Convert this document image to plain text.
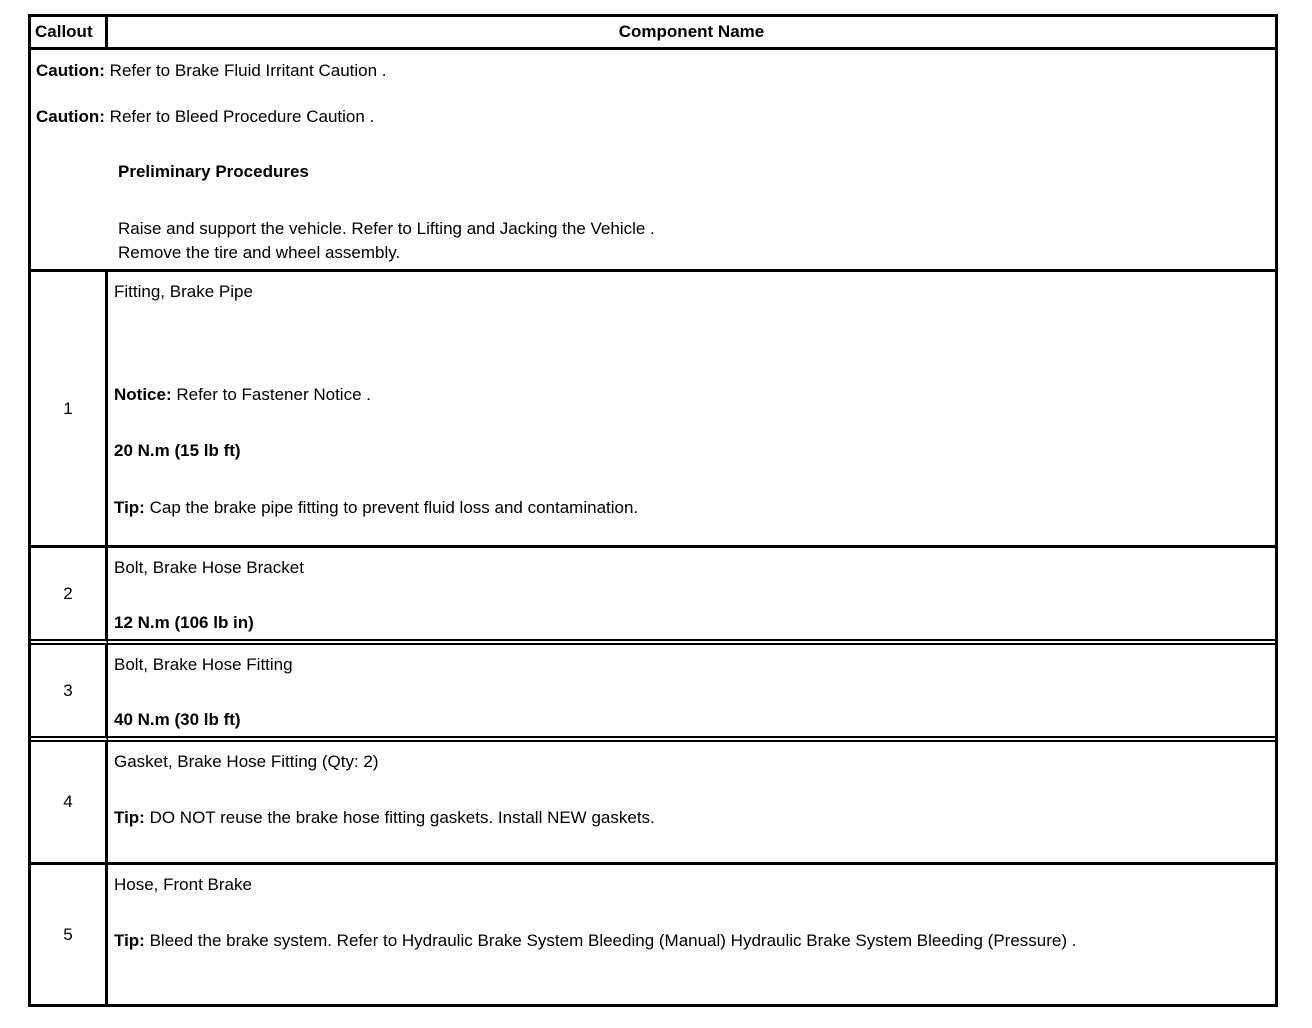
Callout	Component Name

Caution: Refer to Brake Fluid Irritant Caution .

Caution: Refer to Bleed Procedure Caution .

Preliminary Procedures

Raise and support the vehicle. Refer to Lifting and Jacking the Vehicle .

Remove the tire and wheel assembly.	

1	Fitting, Brake Pipe

Notice: Refer to Fastener Notice .

20 N.m (15 lb ft)

Tip: Cap the brake pipe fitting to prevent fluid loss and contamination.

2	Bolt, Brake Hose Bracket

12 N.m (106 lb in)

3	Bolt, Brake Hose Fitting

40 N.m (30 lb ft)

4	Gasket, Brake Hose Fitting (Qty: 2)

Tip: DO NOT reuse the brake hose fitting gaskets. Install NEW gaskets.

5	Hose, Front Brake

Tip: Bleed the brake system. Refer to Hydraulic Brake System Bleeding (Manual) Hydraulic Brake System Bleeding (Pressure) .
